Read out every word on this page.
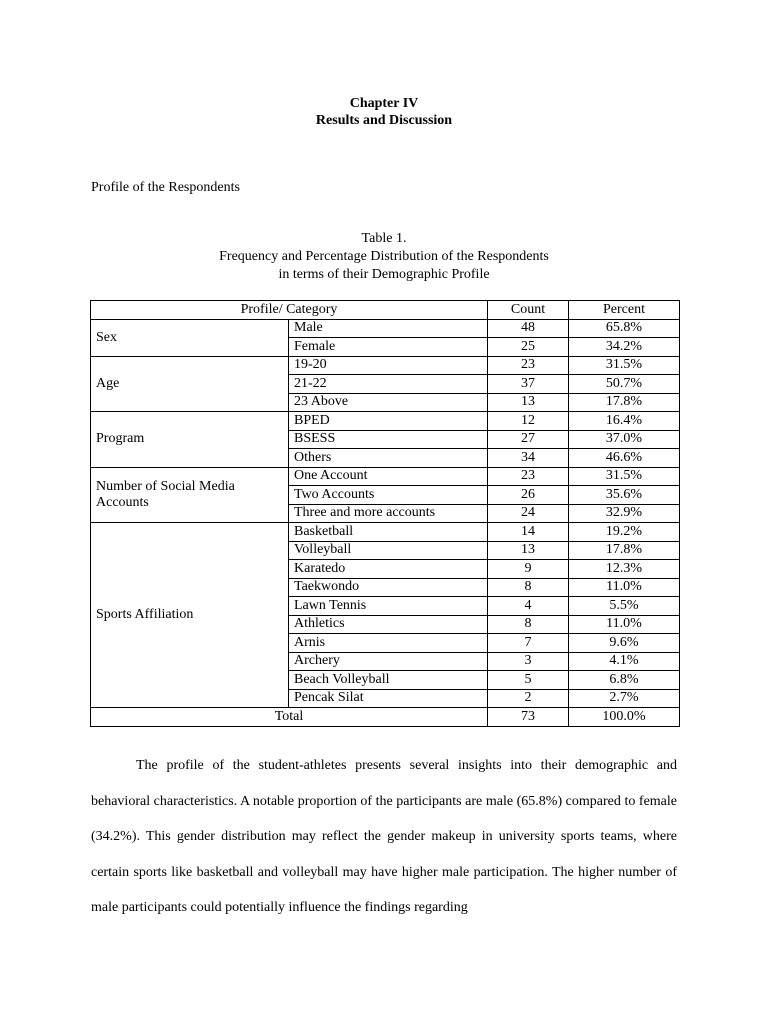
Chapter IV
Results and Discussion
Profile of the Respondents
Table 1.
Frequency and Percentage Distribution of the Respondents
in terms of their Demographic Profile
Profile/ Category		Count	Percent
Sex	Male	48	65.8%
	Female	25	34.2%
Age	19-20	23	31.5%
	21-22	37	50.7%
	23 Above	13	17.8%
Program	BPED	12	16.4%
	BSESS	27	37.0%
	Others	34	46.6%
Number of Social Media Accounts	One Account	23	31.5%
	Two Accounts	26	35.6%
	Three and more accounts	24	32.9%
Sports Affiliation	Basketball	14	19.2%
	Volleyball	13	17.8%
	Karatedo	9	12.3%
	Taekwondo	8	11.0%
	Lawn Tennis	4	5.5%
	Athletics	8	11.0%
	Arnis	7	9.6%
	Archery	3	4.1%
	Beach Volleyball	5	6.8%
	Pencak Silat	2	2.7%
Total		73	100.0%

The profile of the student-athletes presents several insights into their demographic and behavioral characteristics. A notable proportion of the participants are male (65.8%) compared to female (34.2%). This gender distribution may reflect the gender makeup in university sports teams, where certain sports like basketball and volleyball may have higher male participation. The higher number of male participants could potentially influence the findings regarding
